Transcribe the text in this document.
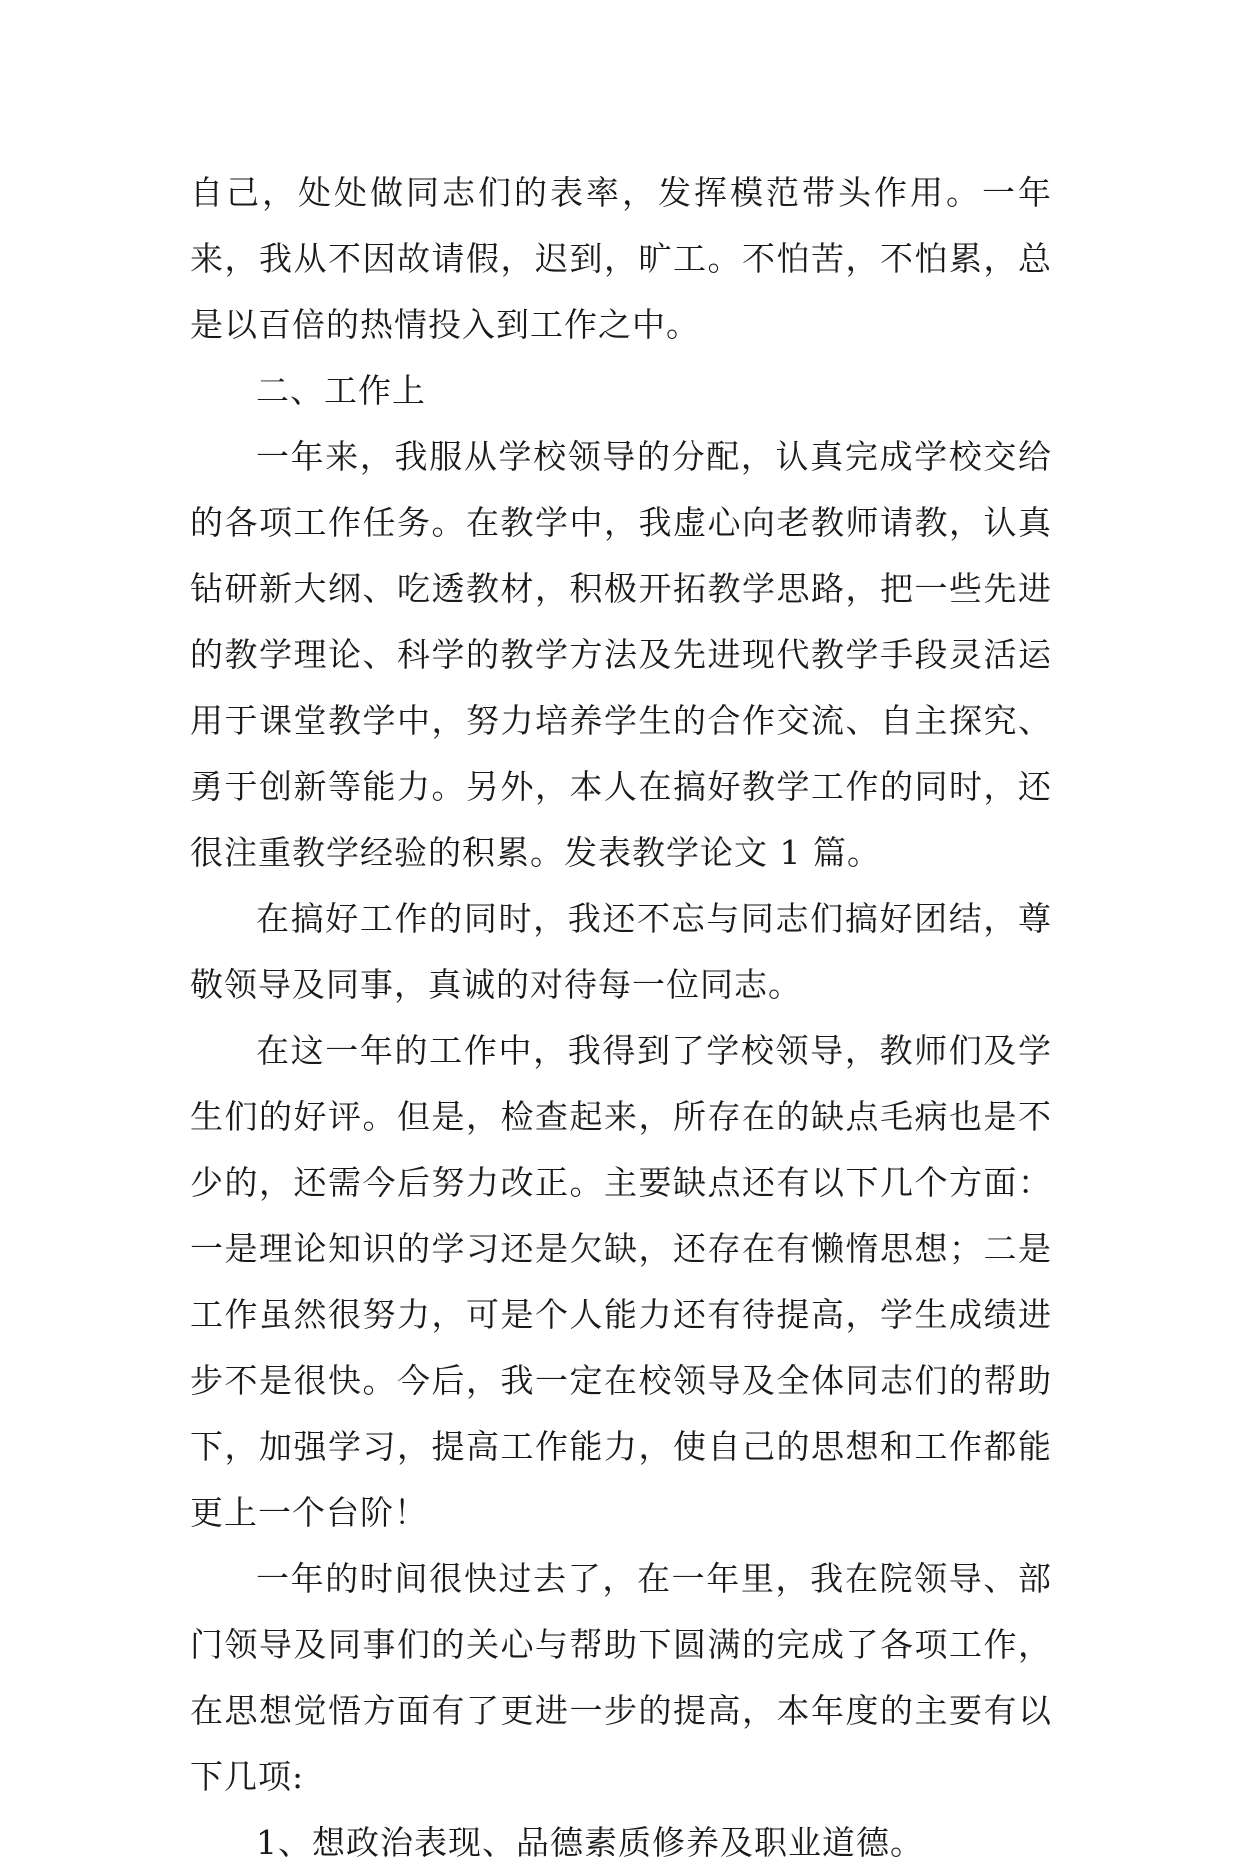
自己，处处做同志们的表率，发挥模范带头作用。一年来，我从不因故请假，迟到，旷工。不怕苦，不怕累，总是以百倍的热情投入到工作之中。

二、工作上

一年来，我服从学校领导的分配，认真完成学校交给的各项工作任务。在教学中，我虚心向老教师请教，认真钻研新大纲、吃透教材，积极开拓教学思路，把一些先进的教学理论、科学的教学方法及先进现代教学手段灵活运用于课堂教学中，努力培养学生的合作交流、自主探究、勇于创新等能力。另外，本人在搞好教学工作的同时，还很注重教学经验的积累。发表教学论文 1 篇。

在搞好工作的同时，我还不忘与同志们搞好团结，尊敬领导及同事，真诚的对待每一位同志。

在这一年的工作中，我得到了学校领导，教师们及学生们的好评。但是，检查起来，所存在的缺点毛病也是不少的，还需今后努力改正。主要缺点还有以下几个方面：一是理论知识的学习还是欠缺，还存在有懒惰思想；二是工作虽然很努力，可是个人能力还有待提高，学生成绩进步不是很快。今后，我一定在校领导及全体同志们的帮助下，加强学习，提高工作能力，使自己的思想和工作都能更上一个台阶！

一年的时间很快过去了，在一年里，我在院领导、部门领导及同事们的关心与帮助下圆满的完成了各项工作，在思想觉悟方面有了更进一步的提高，本年度的主要有以下几项:

1、想政治表现、品德素质修养及职业道德。
